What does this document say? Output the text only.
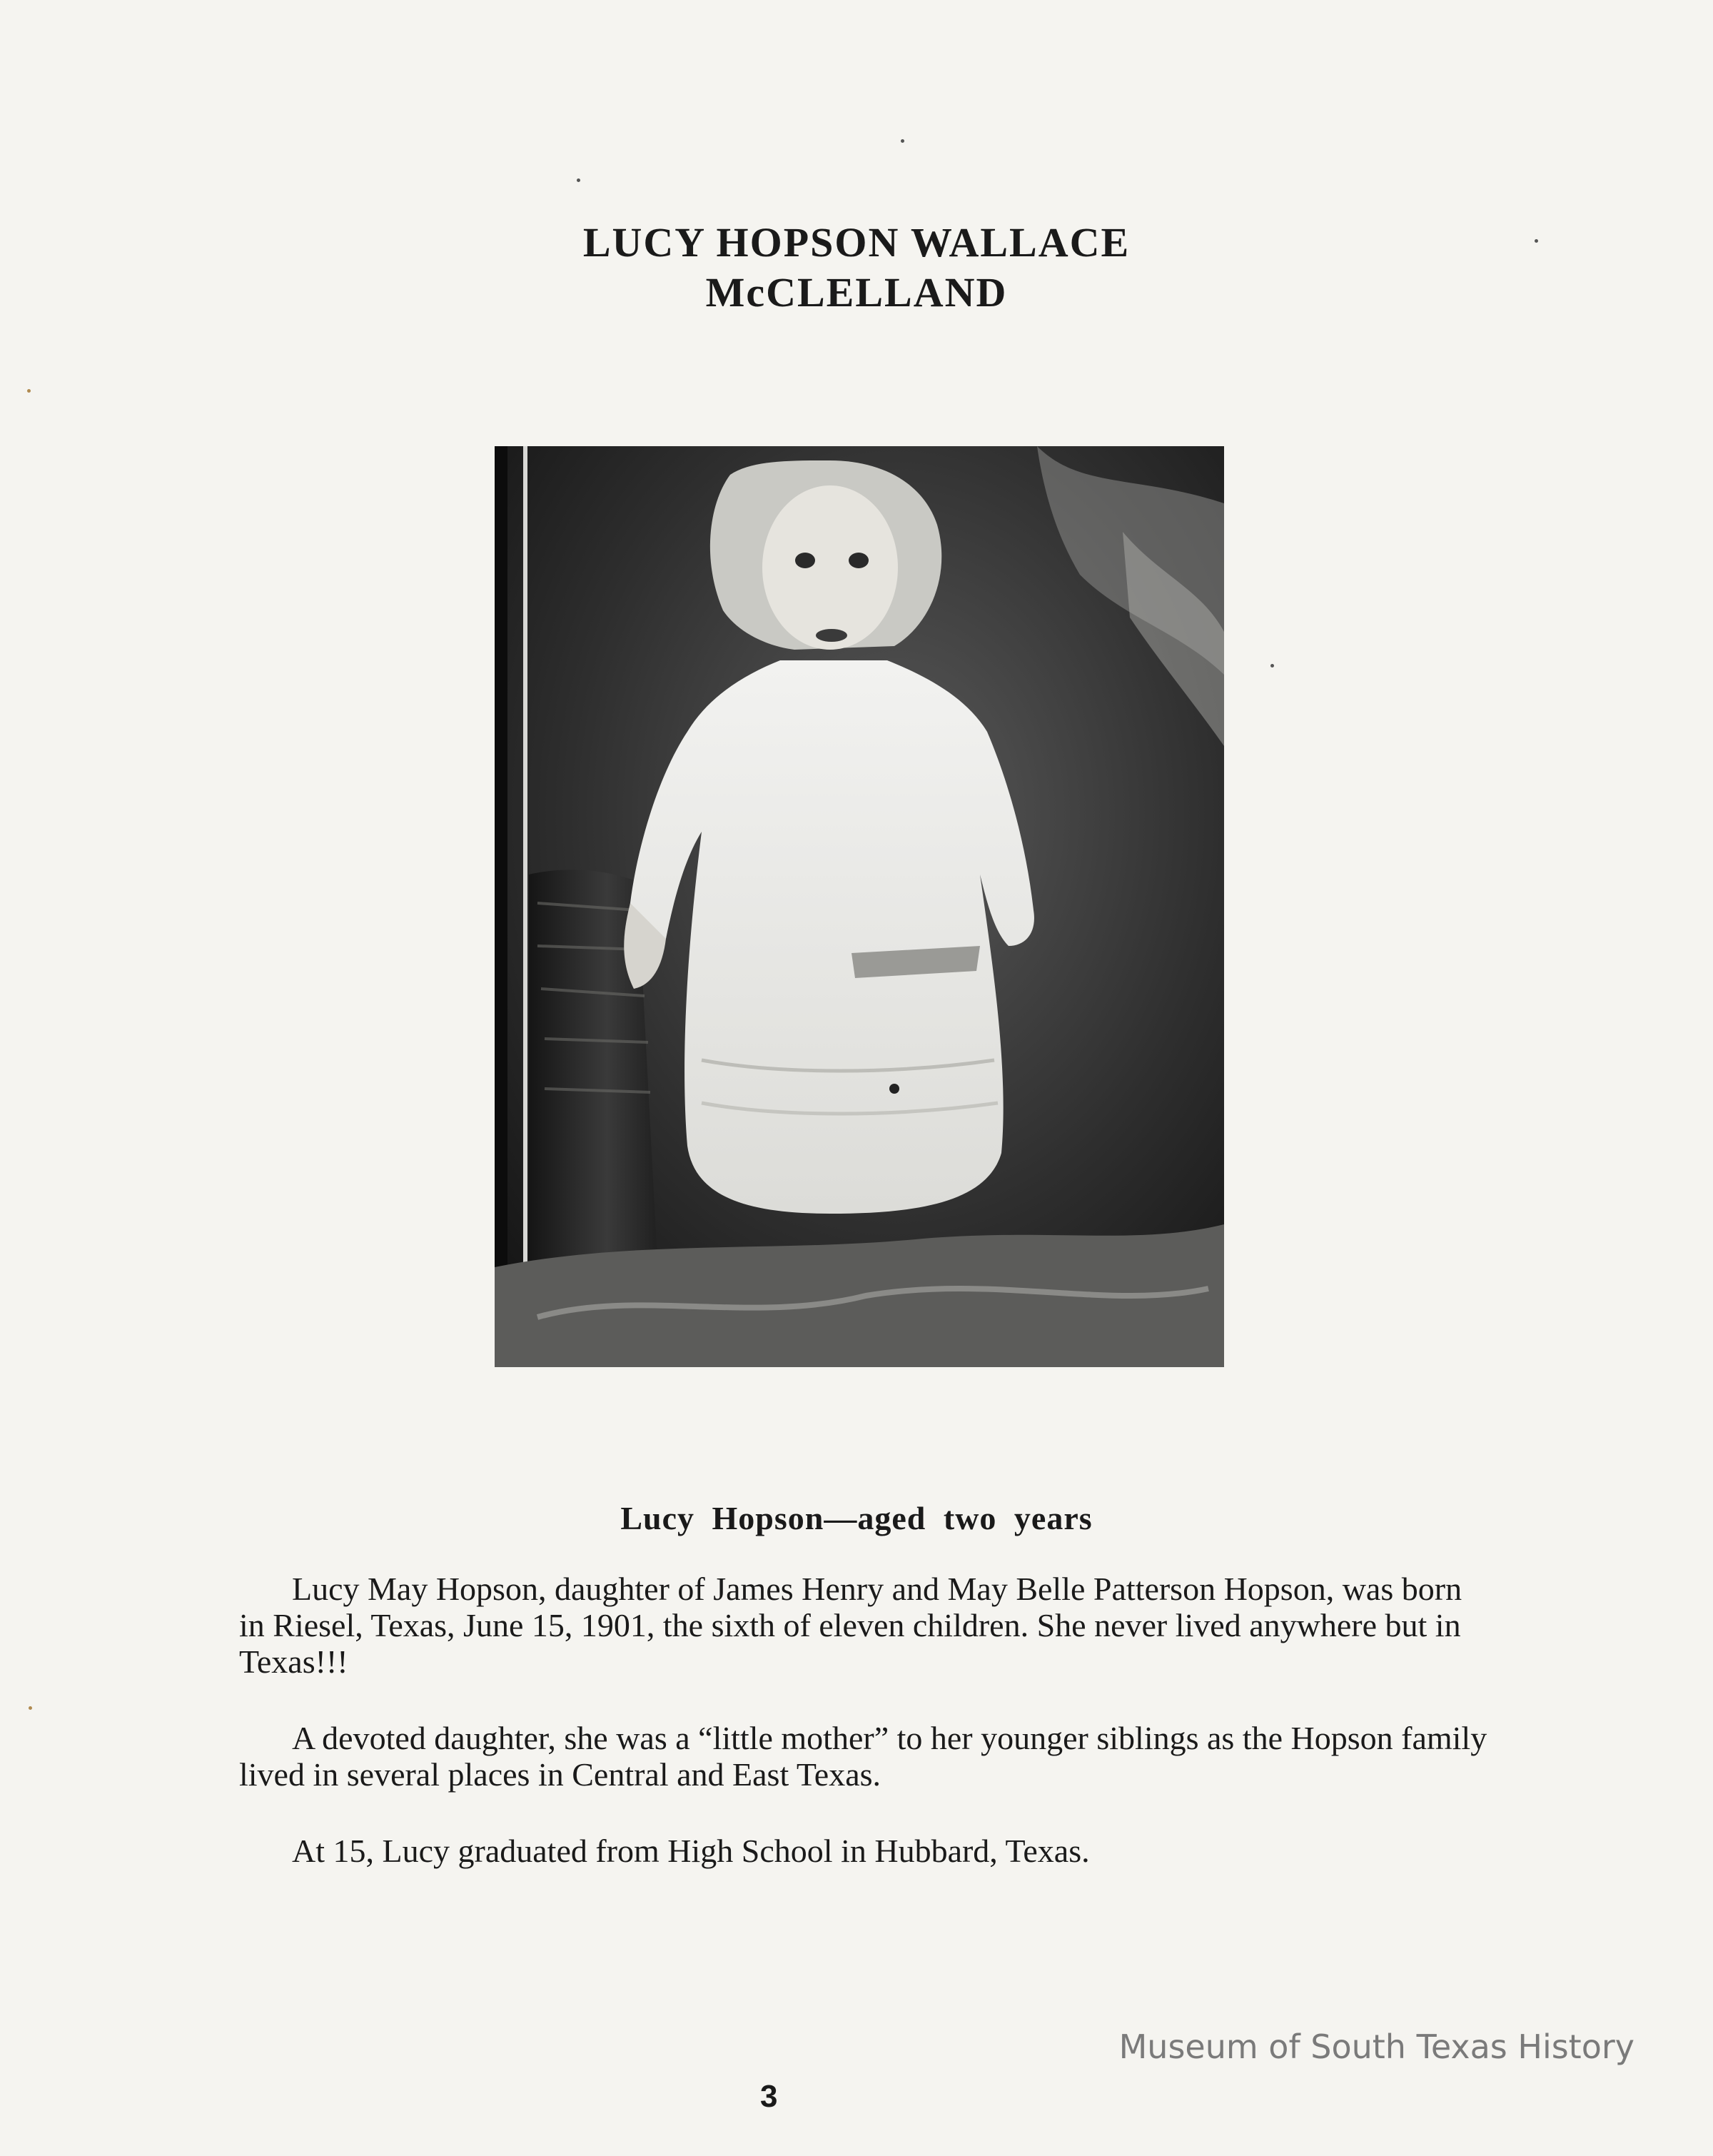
LUCY HOPSON WALLACE
McCLELLAND
Lucy Hopson—aged two years

Lucy May Hopson, daughter of James Henry and May Belle Patterson Hopson, was born in Riesel, Texas, June 15, 1901, the sixth of eleven children. She never lived anywhere but in Texas!!!

A devoted daughter, she was a “little mother” to her younger siblings as the Hopson family lived in several places in Central and East Texas.

At 15, Lucy graduated from High School in Hubbard, Texas.

Museum of South Texas History
3
